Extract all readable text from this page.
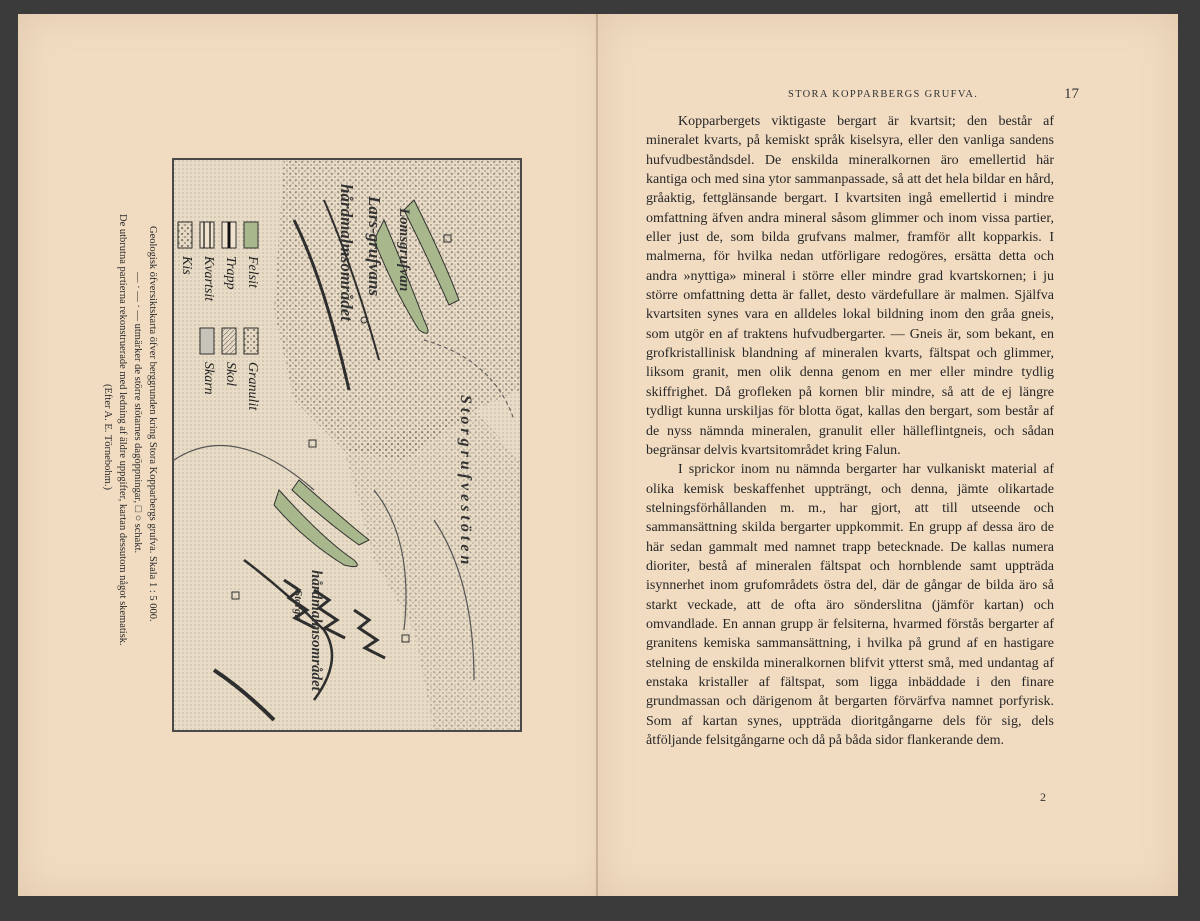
Felsit
Trapp
Kvartsit
Kis
Granulit
Skol
Skarn
hårdmalmsområdet Lars-grufvans Lomsgrufvan
Storgrufvestöten
hårdmalmsområdet
Storgr.
Geologisk öfversiktskarta öfver berggrunden kring Stora Kopparbergs grufva. Skala 1 : 5 000.
— · — · — utmärker de större stötarnes dagöppningar, □ ○ schakt.
De utbrutna partierna rekonstruerade med ledning af äldre uppgifter, kartan dessutom något skematisk.
(Efter A. E. Törnebohm.)
STORA KOPPARBERGS GRUFVA.	17

Kopparbergets viktigaste bergart är kvartsit; den består af mineralet kvarts, på kemiskt språk kiselsyra, eller den vanliga sandens hufvudbeståndsdel. De enskilda mineralkornen äro emellertid här kantiga och med sina ytor sammanpassade, så att det hela bildar en hård, gråaktig, fettglänsande bergart. I kvartsiten ingå emellertid i mindre omfattning äfven andra mineral såsom glimmer och inom vissa partier, eller just de, som bilda grufvans malmer, framför allt kopparkis. I malmerna, för hvilka nedan utförligare redogöres, ersätta detta och andra »nyttiga» mineral i större eller mindre grad kvartskornen; i ju större omfattning detta är fallet, desto värdefullare är malmen. Själfva kvartsiten synes vara en alldeles lokal bildning inom den gråa gneis, som utgör en af traktens hufvudbergarter. — Gneis är, som bekant, en grofkristallinisk blandning af mineralen kvarts, fältspat och glimmer, liksom granit, men olik denna genom en mer eller mindre tydlig skiffrighet. Då grofleken på kornen blir mindre, så att de ej längre tydligt kunna urskiljas för blotta ögat, kallas den bergart, som består af de nyss nämnda mineralen, granulit eller hälleflintgneis, och sådan begränsar delvis kvartsitområdet kring Falun.

I sprickor inom nu nämnda bergarter har vulkaniskt material af olika kemisk beskaffenhet uppträngt, och denna, jämte olikartade stelningsförhållanden m. m., har gjort, att till utseende och sammansättning skilda bergarter uppkommit. En grupp af dessa äro de här sedan gammalt med namnet trapp betecknade. De kallas numera dioriter, bestå af mineralen fältspat och hornblende samt uppträda isynnerhet inom grufområdets östra del, där de gångar de bilda äro så starkt veckade, att de ofta äro sönderslitna (jämför kartan) och omvandlade. En annan grupp är felsiterna, hvarmed förstås bergarter af granitens kemiska sammansättning, i hvilka på grund af en hastigare stelning de enskilda mineralkornen blifvit ytterst små, med undantag af enstaka kristaller af fältspat, som ligga inbäddade i den finare grundmassan och därigenom åt bergarten förvärfva namnet porfyrisk. Som af kartan synes, uppträda dioritgångarne dels för sig, dels åtföljande felsitgångarne och då på båda sidor flankerande dem.

2
